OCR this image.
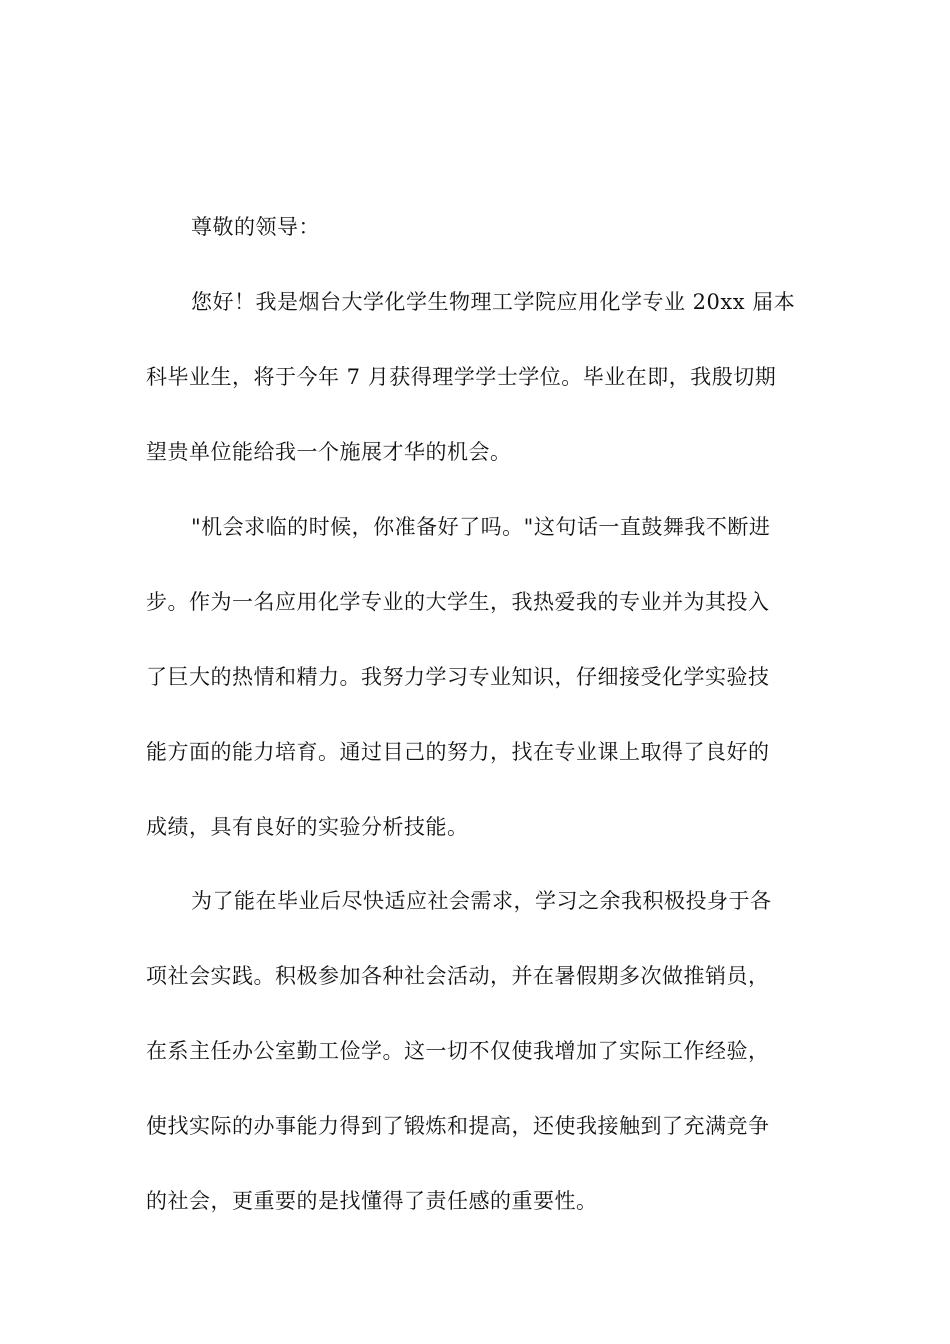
尊敬的领导：
您好！我是烟台大学化学生物理工学院应用化学专业 20xx 届本
科毕业生，将于今年 7 月获得理学学士学位。毕业在即，我殷切期
望贵单位能给我一个施展才华的机会。
"机会求临的时候，你准备好了吗。"这句话一直鼓舞我不断进
步。作为一名应用化学专业的大学生，我热爱我的专业并为其投入
了巨大的热情和精力。我努力学习专业知识，仔细接受化学实验技
能方面的能力培育。通过目己的努力，找在专业课上取得了良好的
成绩，具有良好的实验分析技能。
为了能在毕业后尽快适应社会需求，学习之余我积极投身于各
项社会实践。积极参加各种社会活动，并在暑假期多次做推销员，
在系主任办公室勤工俭学。这一切不仅使我增加了实际工作经验，
使找实际的办事能力得到了锻炼和提高，还使我接触到了充满竞争
的社会，更重要的是找懂得了责任感的重要性。
